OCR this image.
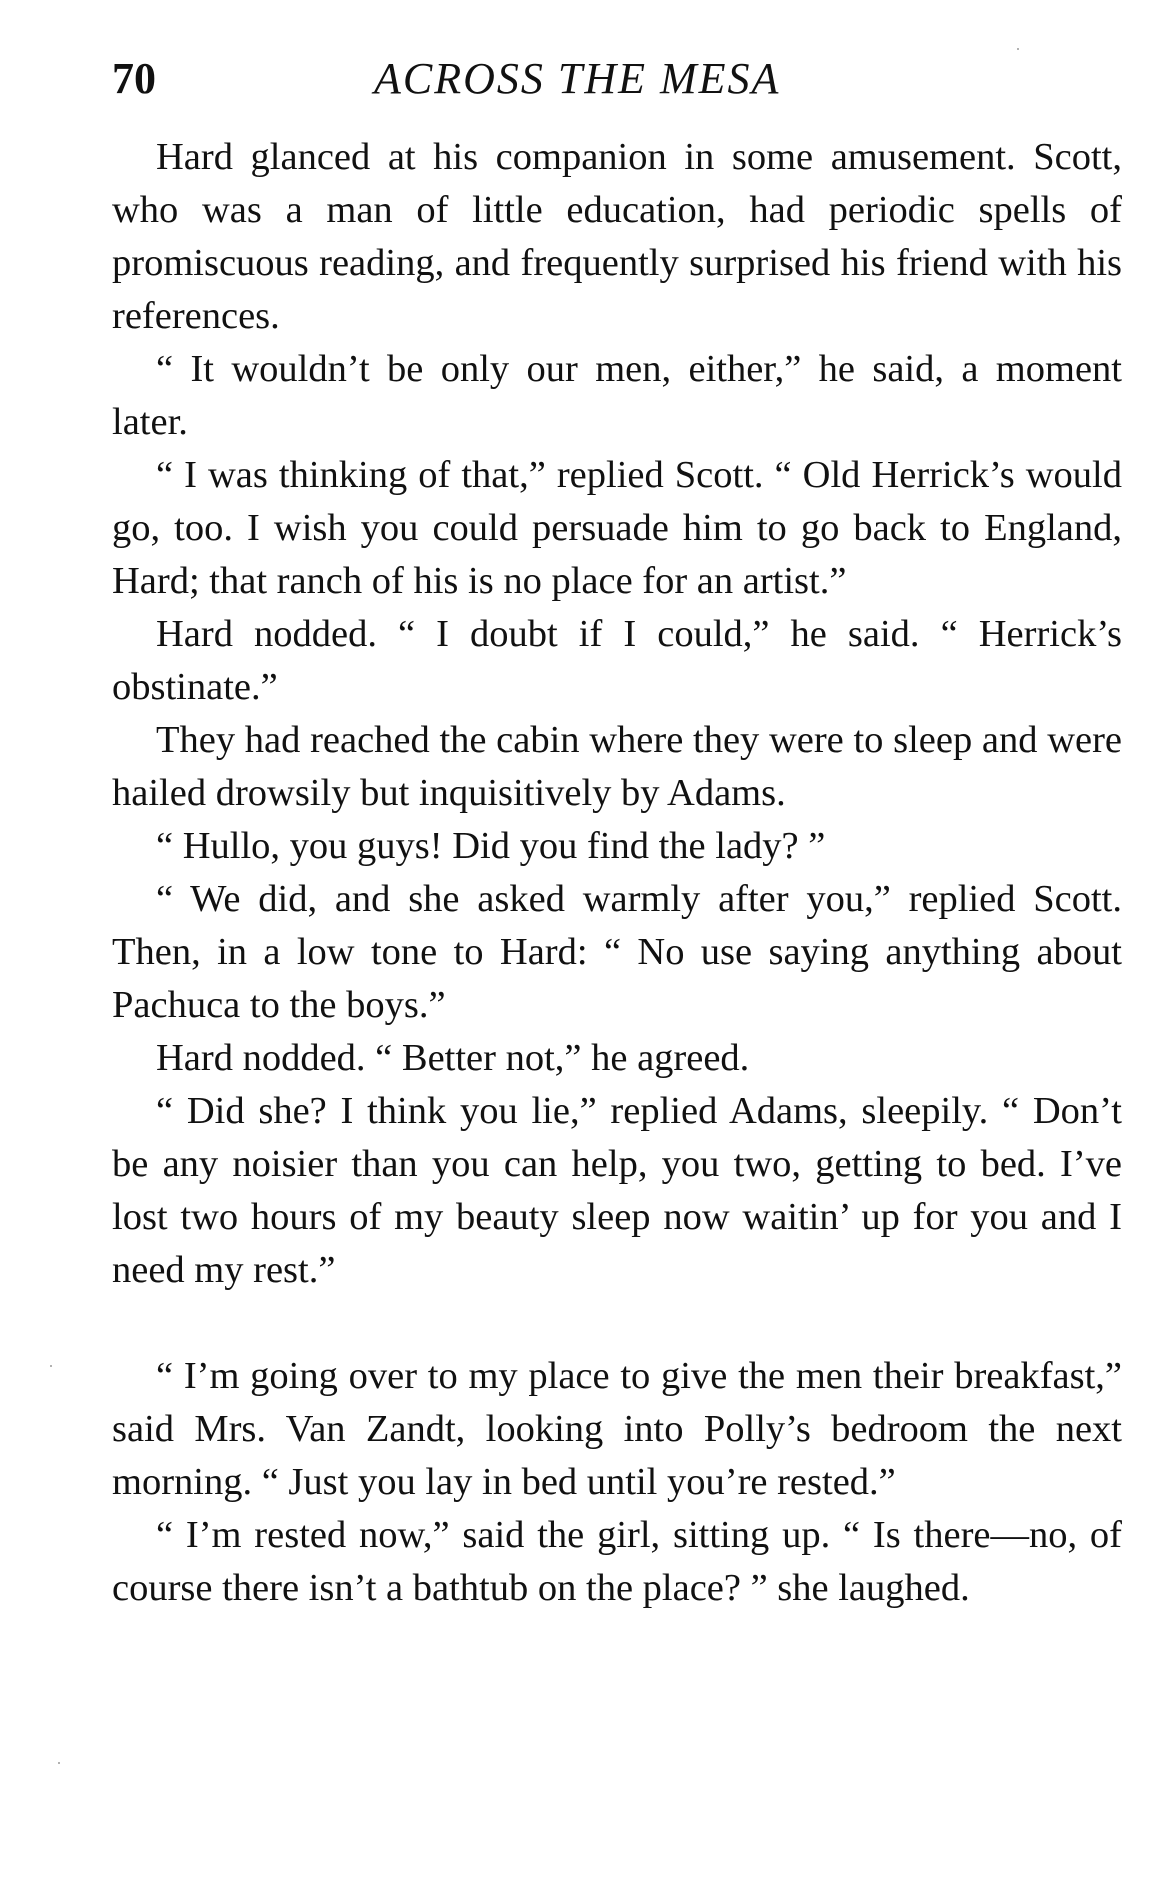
70	ACROSS THE MESA

Hard glanced at his companion in some amusement. Scott, who was a man of little education, had periodic spells of promiscuous reading, and frequently surprised his friend with his references.

“ It wouldn’t be only our men, either,” he said, a moment later.

“ I was thinking of that,” replied Scott. “ Old Herrick’s would go, too. I wish you could persuade him to go back to England, Hard; that ranch of his is no place for an artist.”

Hard nodded. “ I doubt if I could,” he said. “ Herrick’s obstinate.”

They had reached the cabin where they were to sleep and were hailed drowsily but inquisitively by Adams.

“ Hullo, you guys! Did you find the lady? ”

“ We did, and she asked warmly after you,” replied Scott. Then, in a low tone to Hard: “ No use saying anything about Pachuca to the boys.”

Hard nodded. “ Better not,” he agreed.

“ Did she? I think you lie,” replied Adams, sleepily. “ Don’t be any noisier than you can help, you two, getting to bed. I’ve lost two hours of my beauty sleep now waitin’ up for you and I need my rest.”

“ I’m going over to my place to give the men their breakfast,” said Mrs. Van Zandt, looking into Polly’s bedroom the next morning. “ Just you lay in bed until you’re rested.”

“ I’m rested now,” said the girl, sitting up. “ Is there—no, of course there isn’t a bathtub on the place? ” she laughed.
